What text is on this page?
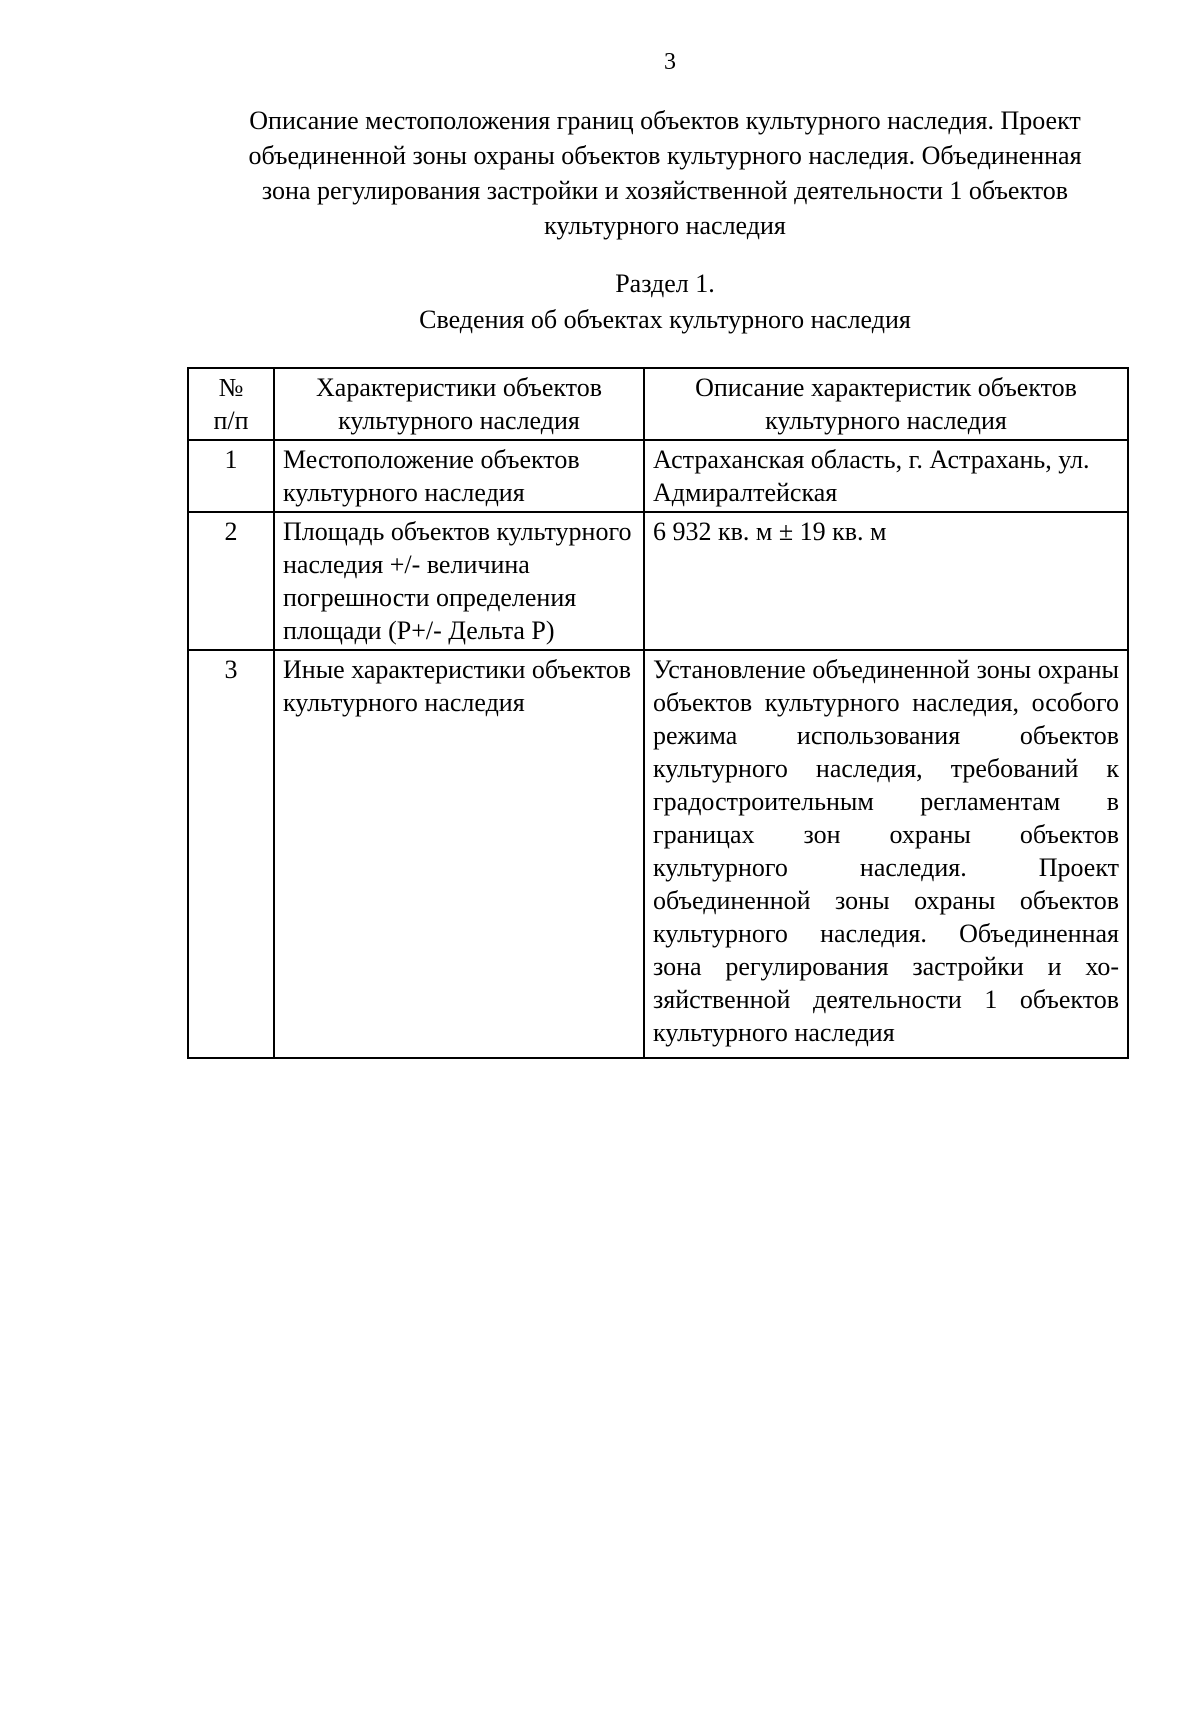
3
Описание местоположения границ объектов культурного наследия. Проект
объединенной зоны охраны объектов культурного наследия. Объединенная
зона регулирования застройки и хозяйственной деятельности 1 объектов
культурного наследия
Раздел 1.
Сведения об объектах культурного наследия
№
п/п	Характеристики объектов культурного наследия	Описание характеристик объектов культурного наследия
1	Местоположение объектов культурного наследия	Астраханская область, г. Астрахань, ул. Адмиралтейская
2	Площадь объектов культурного наследия +/- величина погрешности определения площади (Р+/- Дельта Р)	6 932 кв. м ± 19 кв. м
3	Иные характеристики объектов культурного наследия	Установление объединенной зоны охраны объектов культурного наследия, особого режима использования объектов культурного наследия, требований к градостроительным регламентам в границах зон охраны объектов культурного наследия. Проект объединенной зоны охраны объектов культурного наследия. Объединенная зона регулирования застройки и хозяйственной деятельности 1 объектов культурного наследия
